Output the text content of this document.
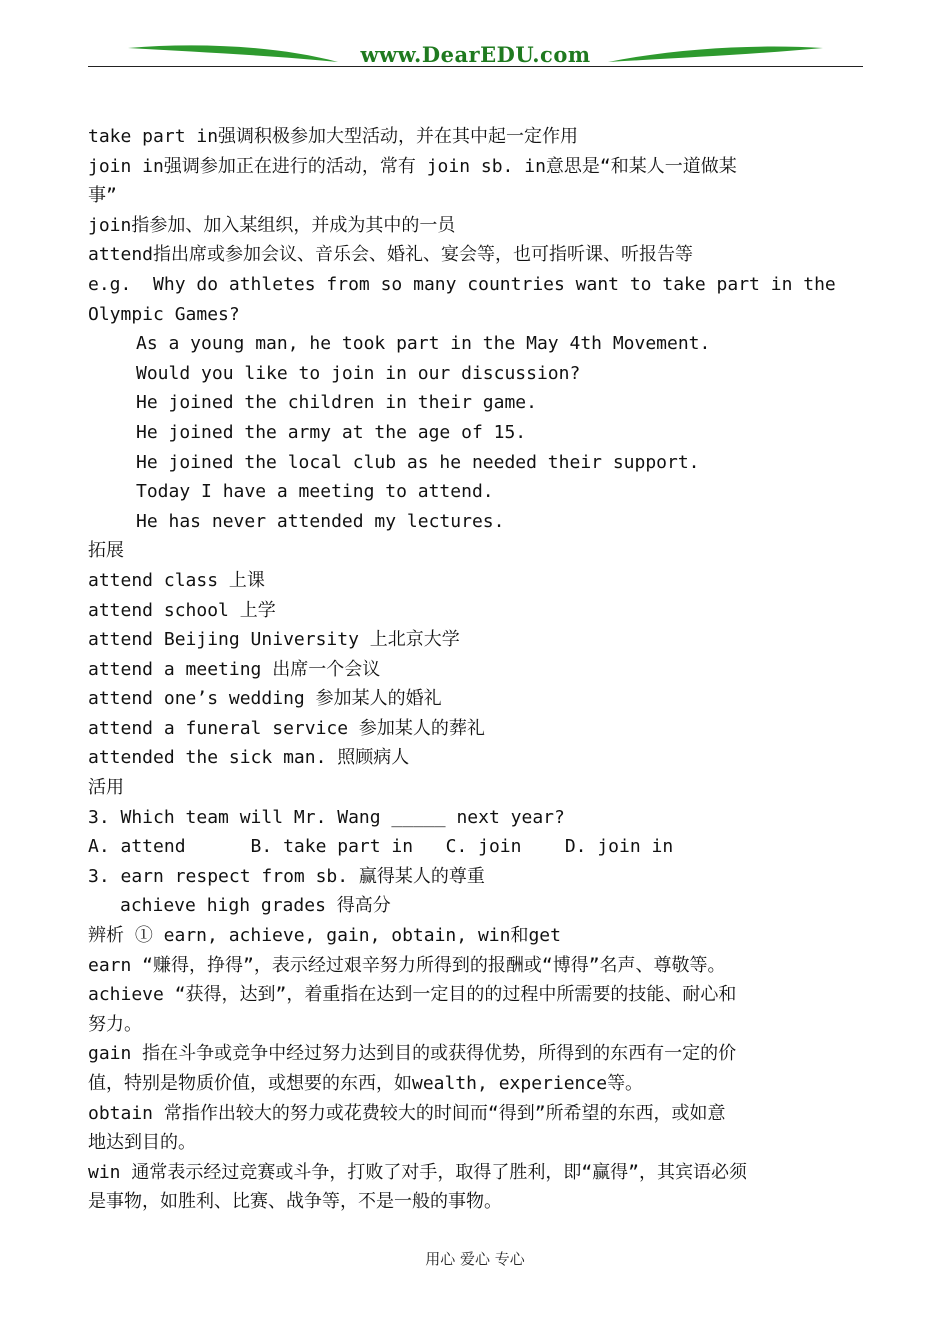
www.DearEDU.com
take part in强调积极参加大型活动，并在其中起一定作用
join in强调参加正在进行的活动，常有 join sb. in意思是“和某人一道做某
事”
join指参加、加入某组织，并成为其中的一员
attend指出席或参加会议、音乐会、婚礼、宴会等，也可指听课、听报告等
e.g.  Why do athletes from so many countries want to take part in the
Olympic Games?
As a young man, he took part in the May 4th Movement.
Would you like to join in our discussion?
He joined the children in their game.
He joined the army at the age of 15.
He joined the local club as he needed their support.
Today I have a meeting to attend.
He has never attended my lectures.
拓展
attend class 上课
attend school 上学
attend Beijing University 上北京大学
attend a meeting 出席一个会议
attend one’s wedding 参加某人的婚礼
attend a funeral service 参加某人的葬礼
attended the sick man. 照顾病人
活用
3. Which team will Mr. Wang _____ next year?
A. attend      B. take part in   C. join    D. join in
3. earn respect from sb. 赢得某人的尊重
achieve high grades 得高分
辨析 ① earn, achieve, gain, obtain, win和get
earn “赚得，挣得”，表示经过艰辛努力所得到的报酬或“博得”名声、尊敬等。
achieve “获得，达到”，着重指在达到一定目的的过程中所需要的技能、耐心和
努力。
gain 指在斗争或竞争中经过努力达到目的或获得优势，所得到的东西有一定的价
值，特别是物质价值，或想要的东西，如wealth, experience等。
obtain 常指作出较大的努力或花费较大的时间而“得到”所希望的东西，或如意
地达到目的。
win 通常表示经过竞赛或斗争，打败了对手，取得了胜利，即“赢得”，其宾语必须
是事物，如胜利、比赛、战争等，不是一般的事物。
用心 爱心 专心
